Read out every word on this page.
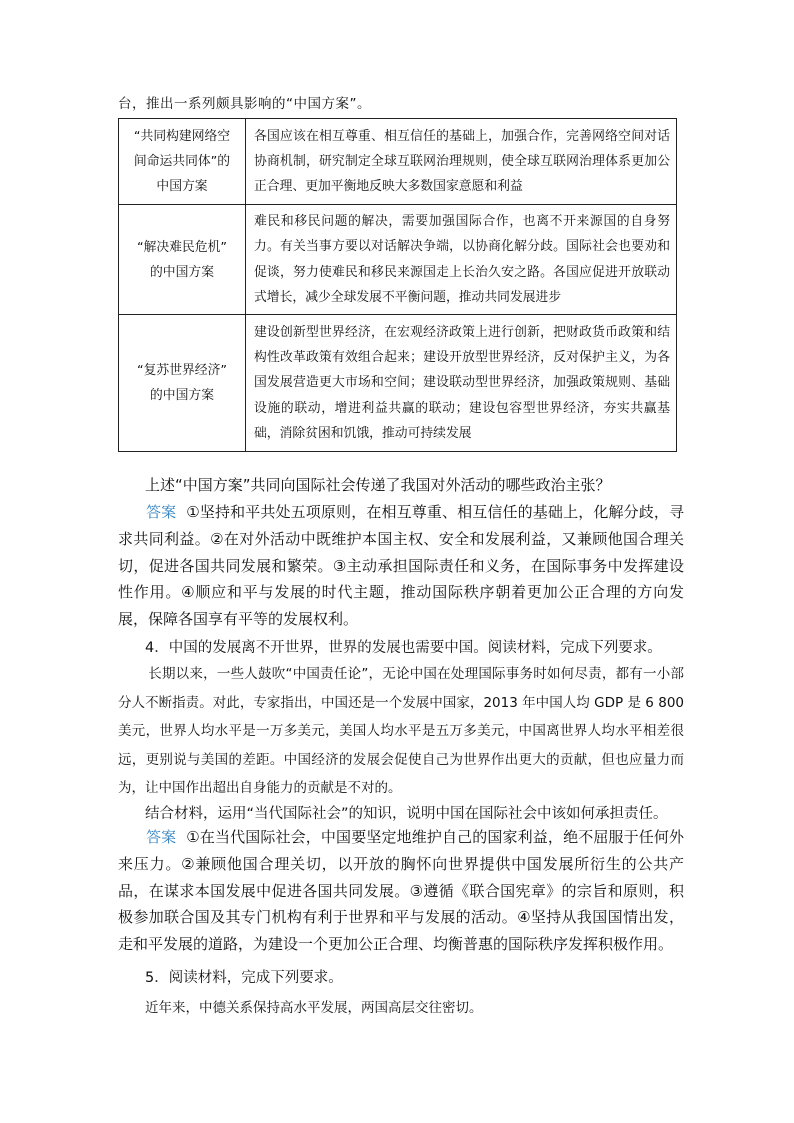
台，推出一系列颇具影响的“中国方案”。
“共同构建网络空
间命运共同体”的
中国方案	各国应该在相互尊重、相互信任的基础上，加强合作，完善网络空间对话协商机制，研究制定全球互联网治理规则，使全球互联网治理体系更加公正合理、更加平衡地反映大多数国家意愿和利益

“解决难民危机”
的中国方案	难民和移民问题的解决，需要加强国际合作，也离不开来源国的自身努力。有关当事方要以对话解决争端，以协商化解分歧。国际社会也要劝和促谈，努力使难民和移民来源国走上长治久安之路。各国应促进开放联动式增长，减少全球发展不平衡问题，推动共同发展进步

“复苏世界经济”
的中国方案	建设创新型世界经济，在宏观经济政策上进行创新，把财政货币政策和结构性改革政策有效组合起来；建设开放型世界经济，反对保护主义，为各国发展营造更大市场和空间；建设联动型世界经济，加强政策规则、基础设施的联动，增进利益共赢的联动；建设包容型世界经济，夯实共赢基础，消除贫困和饥饿，推动可持续发展
上述“中国方案”共同向国际社会传递了我国对外活动的哪些政治主张？
答案 ①坚持和平共处五项原则，在相互尊重、相互信任的基础上，化解分歧，寻求共同利益。②在对外活动中既维护本国主权、安全和发展利益，又兼顾他国合理关切，促进各国共同发展和繁荣。③主动承担国际责任和义务，在国际事务中发挥建设性作用。④顺应和平与发展的时代主题，推动国际秩序朝着更加公正合理的方向发展，保障各国享有平等的发展权利。
4．中国的发展离不开世界，世界的发展也需要中国。阅读材料，完成下列要求。
长期以来，一些人鼓吹“中国责任论”，无论中国在处理国际事务时如何尽责，都有一小部分人不断指责。对此，专家指出，中国还是一个发展中国家，2013 年中国人均 GDP 是 6 800 美元，世界人均水平是一万多美元，美国人均水平是五万多美元，中国离世界人均水平相差很远，更别说与美国的差距。中国经济的发展会促使自己为世界作出更大的贡献，但也应量力而为，让中国作出超出自身能力的贡献是不对的。
结合材料，运用“当代国际社会”的知识，说明中国在国际社会中该如何承担责任。
答案 ①在当代国际社会，中国要坚定地维护自己的国家利益，绝不屈服于任何外来压力。②兼顾他国合理关切，以开放的胸怀向世界提供中国发展所衍生的公共产品，在谋求本国发展中促进各国共同发展。③遵循《联合国宪章》的宗旨和原则，积极参加联合国及其专门机构有利于世界和平与发展的活动。④坚持从我国国情出发，走和平发展的道路，为建设一个更加公正合理、均衡普惠的国际秩序发挥积极作用。
5．阅读材料，完成下列要求。
近年来，中德关系保持高水平发展，两国高层交往密切。
